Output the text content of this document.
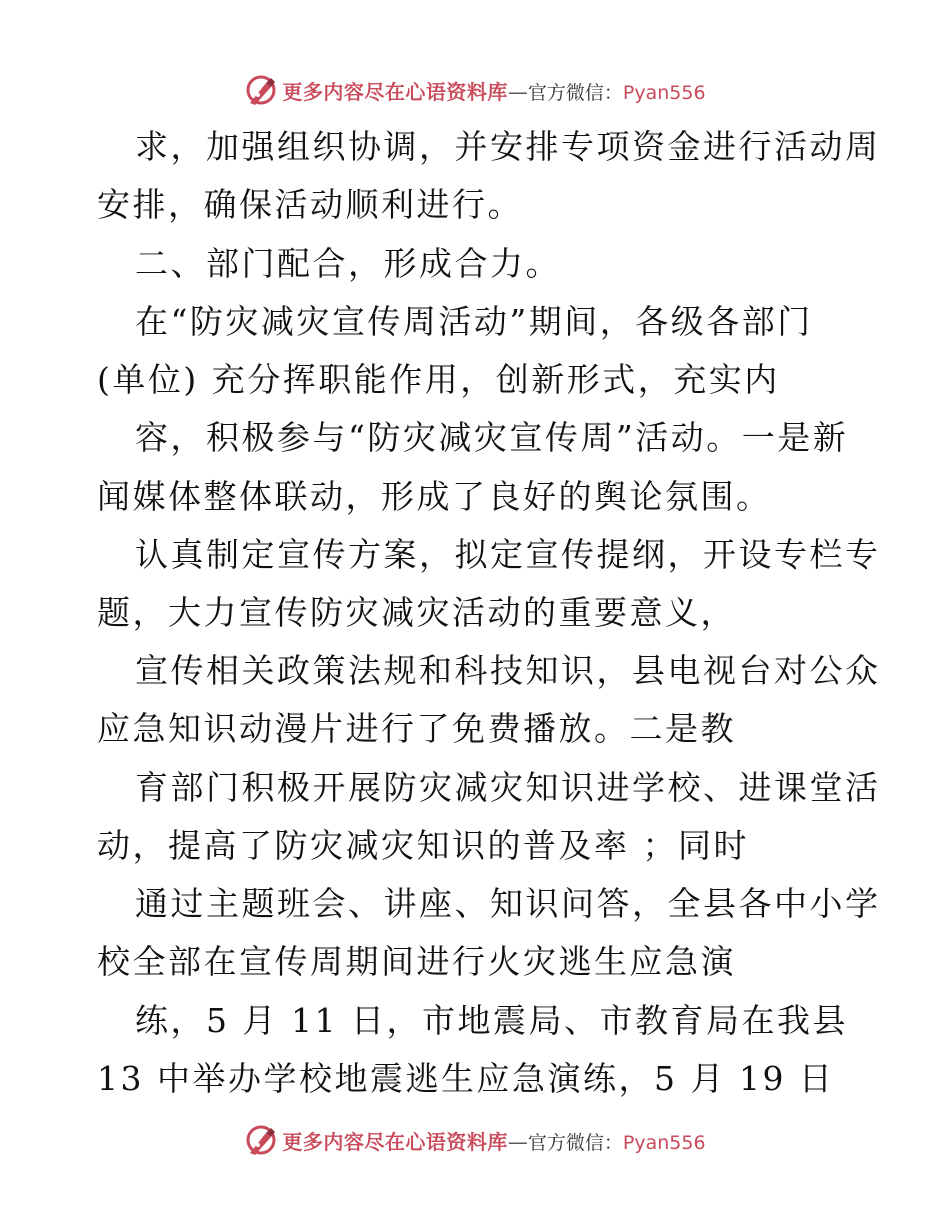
更多内容尽在心语资料库 — 官方微信： Pyan556
求，加强组织协调，并安排专项资金进行活动周
安排，确保活动顺利进行。
二、部门配合，形成合力。
在“防灾减灾宣传周活动”期间，各级各部门
(单位) 充分挥职能作用，创新形式，充实内
容，积极参与“防灾减灾宣传周”活动。一是新
闻媒体整体联动，形成了良好的舆论氛围。
认真制定宣传方案，拟定宣传提纲，开设专栏专
题，大力宣传防灾减灾活动的重要意义，
宣传相关政策法规和科技知识，县电视台对公众
应急知识动漫片进行了免费播放。二是教
育部门积极开展防灾减灾知识进学校、进课堂活
动，提高了防灾减灾知识的普及率 ；同时
通过主题班会、讲座、知识问答，全县各中小学
校全部在宣传周期间进行火灾逃生应急演
练，5 月 11 日，市地震局、市教育局在我县
13 中举办学校地震逃生应急演练，5 月 19 日
更多内容尽在心语资料库 — 官方微信： Pyan556
